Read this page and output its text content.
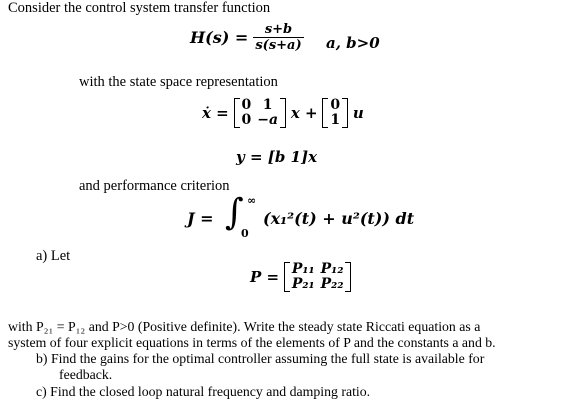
Consider the control system transfer function
$H(s) = \frac{s+b}{s(s+a)} a$, b>0
with the state space representation
ẋ = 0	1
0	−a x + 0
1 u
y = [b 1]x
and performance criterion
J = ∫ ∞
0
(x₁²(t) + u²(t)) dt
a) Let
P = P₁₁	P₁₂
P₂₁	P₂₂
with P₂₁ = P₁₂ and P>0 (Positive definite). Write the steady state Riccati equation as a
system of four explicit equations in terms of the elements of P and the constants a and b.
b) Find the gains for the optimal controller assuming the full state is available for
feedback.
c) Find the closed loop natural frequency and damping ratio.
